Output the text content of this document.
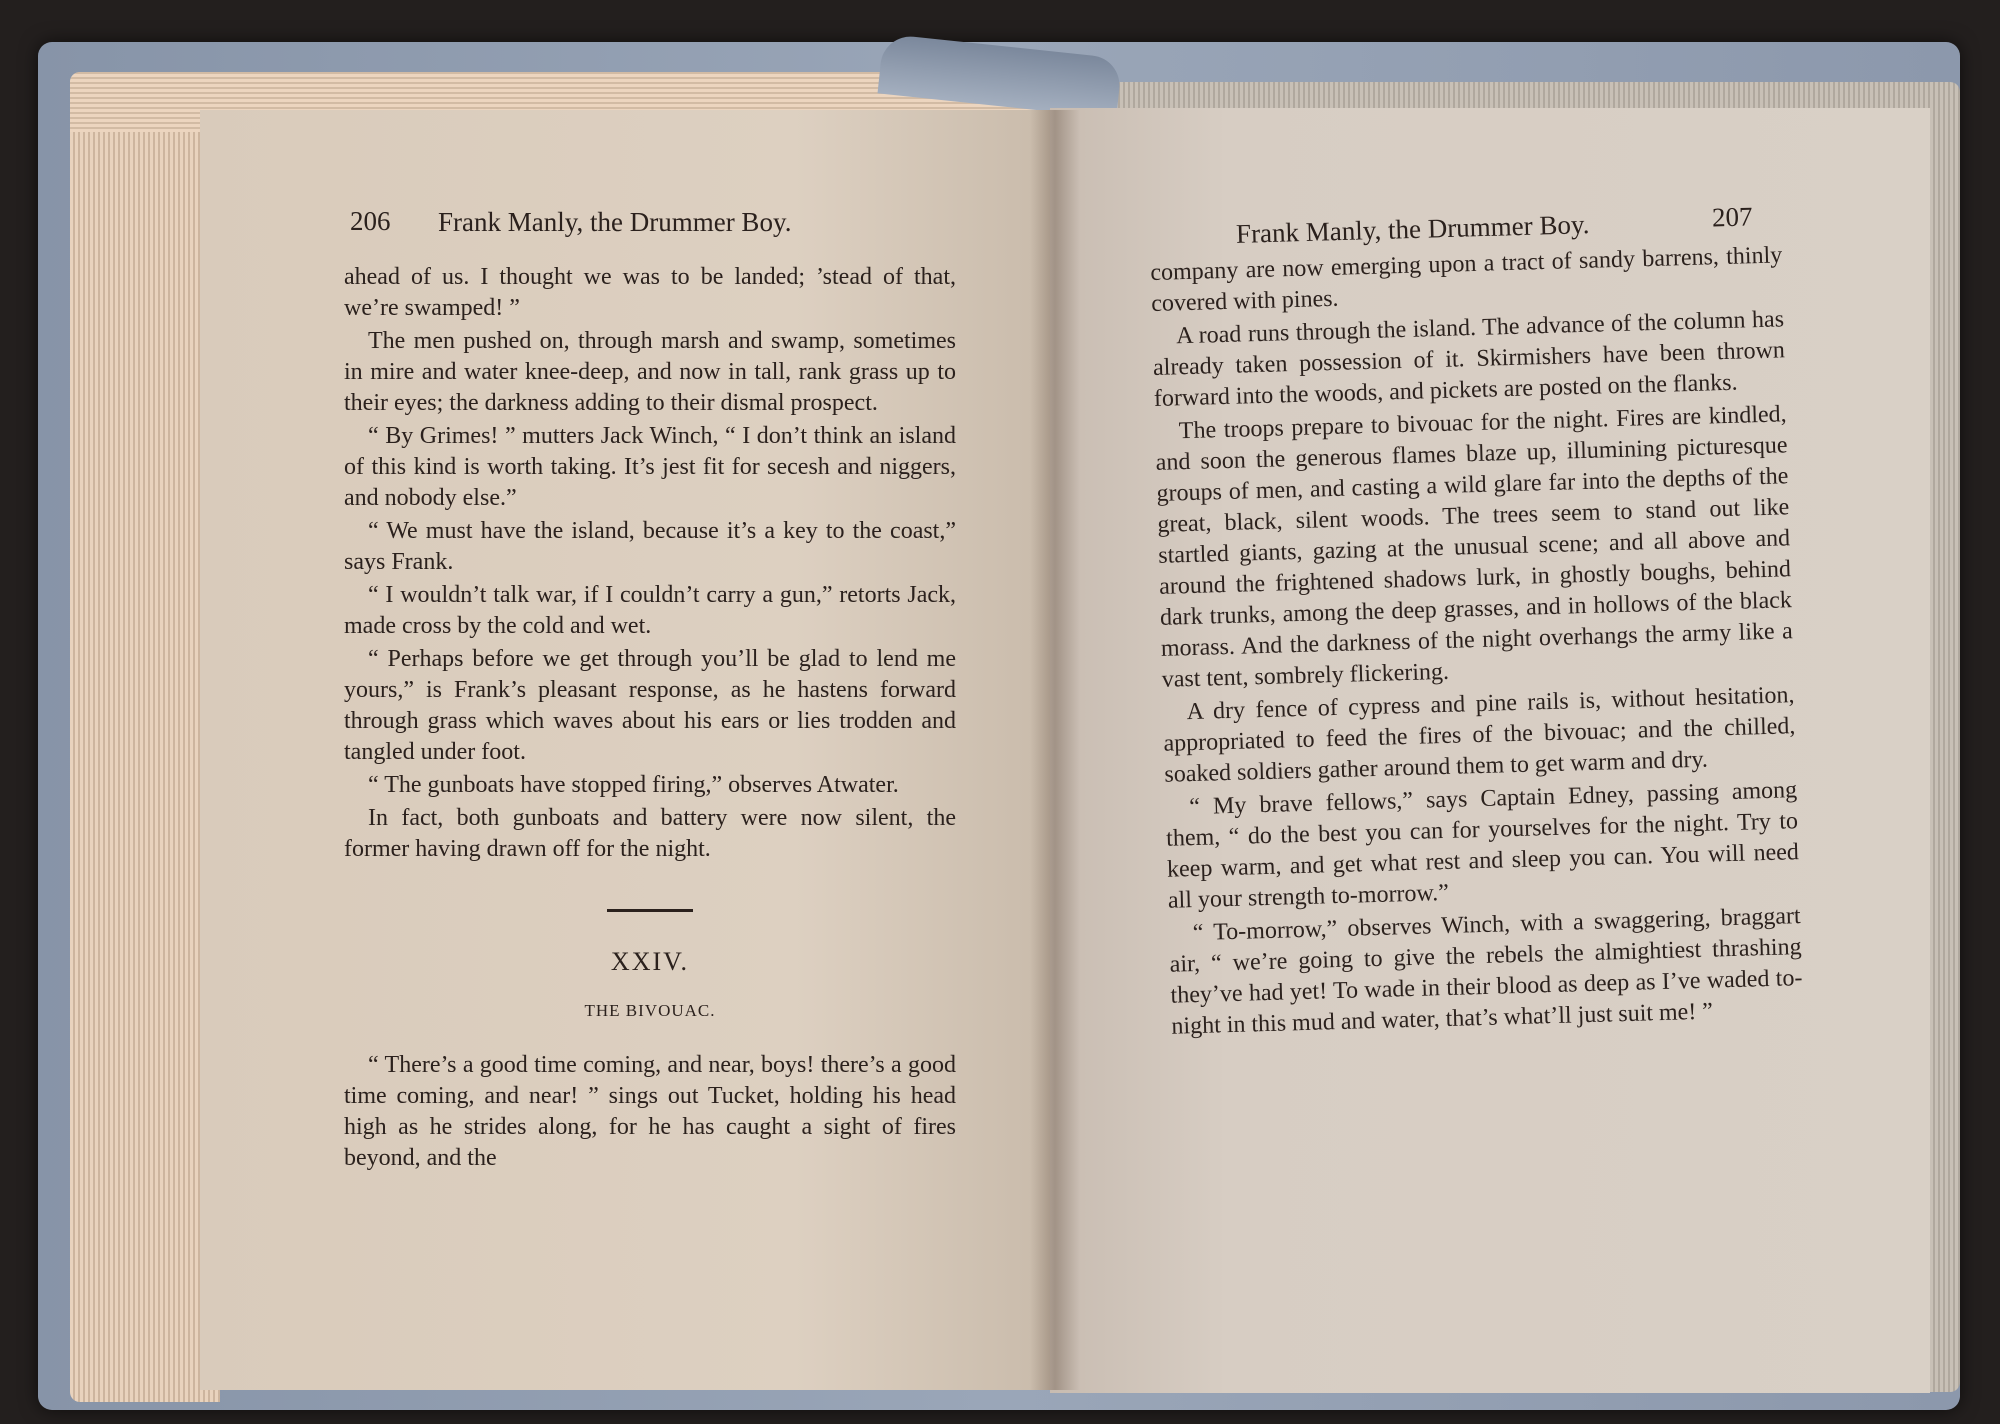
206 Frank Manly, the Drummer Boy.

ahead of us. I thought we was to be landed; ’stead of that, we’re swamped! ”

The men pushed on, through marsh and swamp, sometimes in mire and water knee-deep, and now in tall, rank grass up to their eyes; the darkness adding to their dismal prospect.

“ By Grimes! ” mutters Jack Winch, “ I don’t think an island of this kind is worth taking. It’s jest fit for secesh and niggers, and nobody else.”

“ We must have the island, because it’s a key to the coast,” says Frank.

“ I wouldn’t talk war, if I couldn’t carry a gun,” retorts Jack, made cross by the cold and wet.

“ Perhaps before we get through you’ll be glad to lend me yours,” is Frank’s pleasant response, as he hastens forward through grass which waves about his ears or lies trodden and tangled under foot.

“ The gunboats have stopped firing,” observes Atwater.

In fact, both gunboats and battery were now silent, the former having drawn off for the night.

XXIV.
THE BIVOUAC.

“ There’s a good time coming, and near, boys! there’s a good time coming, and near! ” sings out Tucket, holding his head high as he strides along, for he has caught a sight of fires beyond, and the

Frank Manly, the Drummer Boy.	207

company are now emerging upon a tract of sandy barrens, thinly covered with pines.

A road runs through the island. The advance of the column has already taken possession of it. Skirmishers have been thrown forward into the woods, and pickets are posted on the flanks.

The troops prepare to bivouac for the night. Fires are kindled, and soon the generous flames blaze up, illumining picturesque groups of men, and casting a wild glare far into the depths of the great, black, silent woods. The trees seem to stand out like startled giants, gazing at the unusual scene; and all above and around the frightened shadows lurk, in ghostly boughs, behind dark trunks, among the deep grasses, and in hollows of the black morass. And the darkness of the night overhangs the army like a vast tent, sombrely flickering.

A dry fence of cypress and pine rails is, without hesitation, appropriated to feed the fires of the bivouac; and the chilled, soaked soldiers gather around them to get warm and dry.

“ My brave fellows,” says Captain Edney, passing among them, “ do the best you can for yourselves for the night. Try to keep warm, and get what rest and sleep you can. You will need all your strength to-morrow.”

“ To-morrow,” observes Winch, with a swaggering, braggart air, “ we’re going to give the rebels the almightiest thrashing they’ve had yet! To wade in their blood as deep as I’ve waded to-night in this mud and water, that’s what’ll just suit me! ”
